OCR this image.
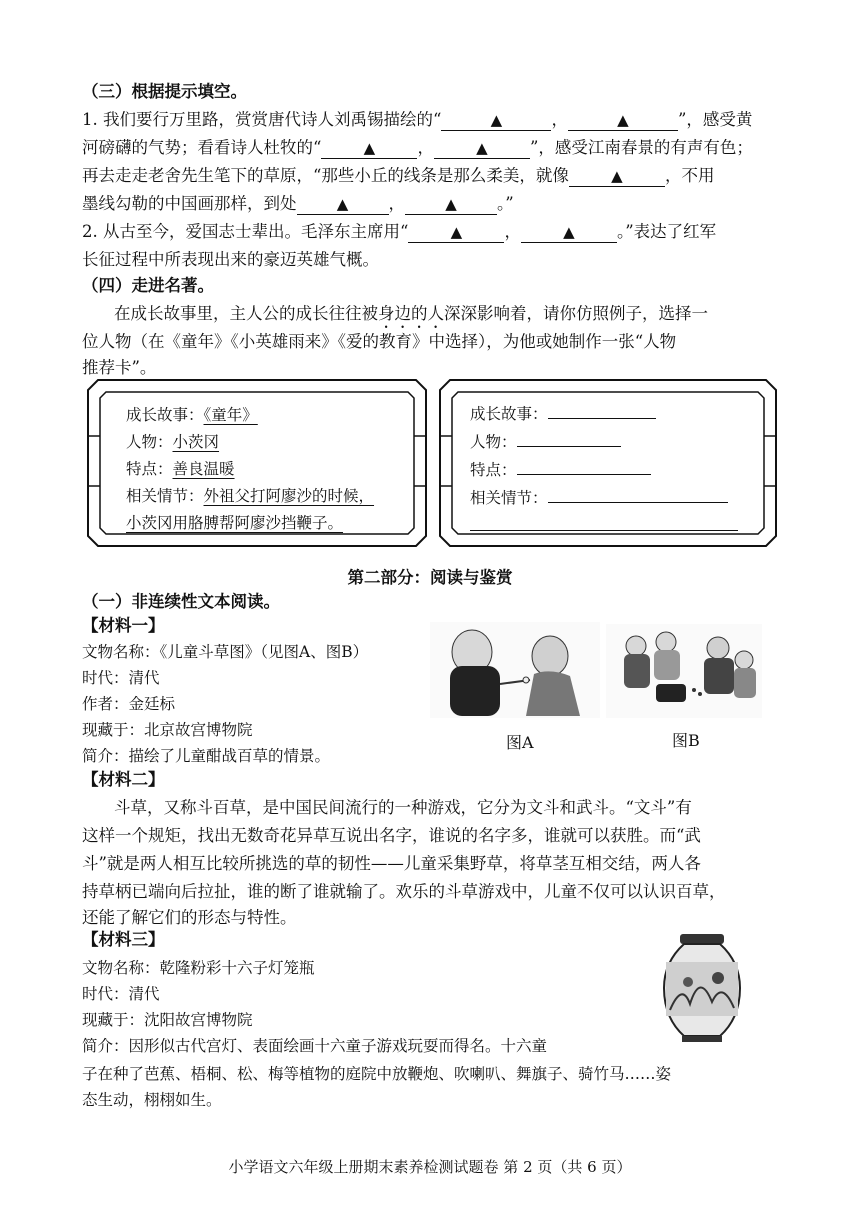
（三）根据提示填空。
1. 我们要行万里路，赏赏唐代诗人刘禹锡描绘的“	▲	，	▲	”，感受黄
河磅礴的气势；看看诗人杜牧的“	▲	，	▲	”，感受江南春景的有声有色；
再去走走老舍先生笔下的草原，“那些小丘的线条是那么柔美，就像	▲	，不用
墨线勾勒的中国画那样，到处	▲ ，	▲ 。”
2. 从古至今，爱国志士辈出。毛泽东主席用“	▲	，	▲	。”表达了红军
长征过程中所表现出来的豪迈英雄气概。
（四）走进名著。
在成长故事里，主人公的成长往往被身边的人深深影响着，请你仿照例子，选择一
位人物（在《童年》《小英雄雨来》《爱的教育》中选择），为他或她制作一张“人物
推荐卡”。
成长故事：《童年》
人物：小茨冈
特点：善良温暖
相关情节：外祖父打阿廖沙的时候，
小茨冈用胳膊帮阿廖沙挡鞭子。
成长故事：
人物：
特点：
相关情节：
第二部分：阅读与鉴赏
（一）非连续性文本阅读。
【材料一】
文物名称：《儿童斗草图》（见图A、图B）
时代：清代
作者：金廷标
现藏于：北京故宫博物院
简介：描绘了儿童酣战百草的情景。
图A	图B
【材料二】
斗草，又称斗百草，是中国民间流行的一种游戏，它分为文斗和武斗。“文斗”有
这样一个规矩，找出无数奇花异草互说出名字，谁说的名字多，谁就可以获胜。而“武
斗”就是两人相互比较所挑选的草的韧性——儿童采集野草，将草茎互相交结，两人各
持草柄已端向后拉扯，谁的断了谁就输了。欢乐的斗草游戏中，儿童不仅可以认识百草，
还能了解它们的形态与特性。
【材料三】
文物名称：乾隆粉彩十六子灯笼瓶
时代：清代
现藏于：沈阳故宫博物院
简介：因形似古代宫灯、表面绘画十六童子游戏玩耍而得名。十六童
子在种了芭蕉、梧桐、松、梅等植物的庭院中放鞭炮、吹喇叭、舞旗子、骑竹马……姿
态生动，栩栩如生。
小学语文六年级上册期末素养检测试题卷 第 2 页（共 6 页）
